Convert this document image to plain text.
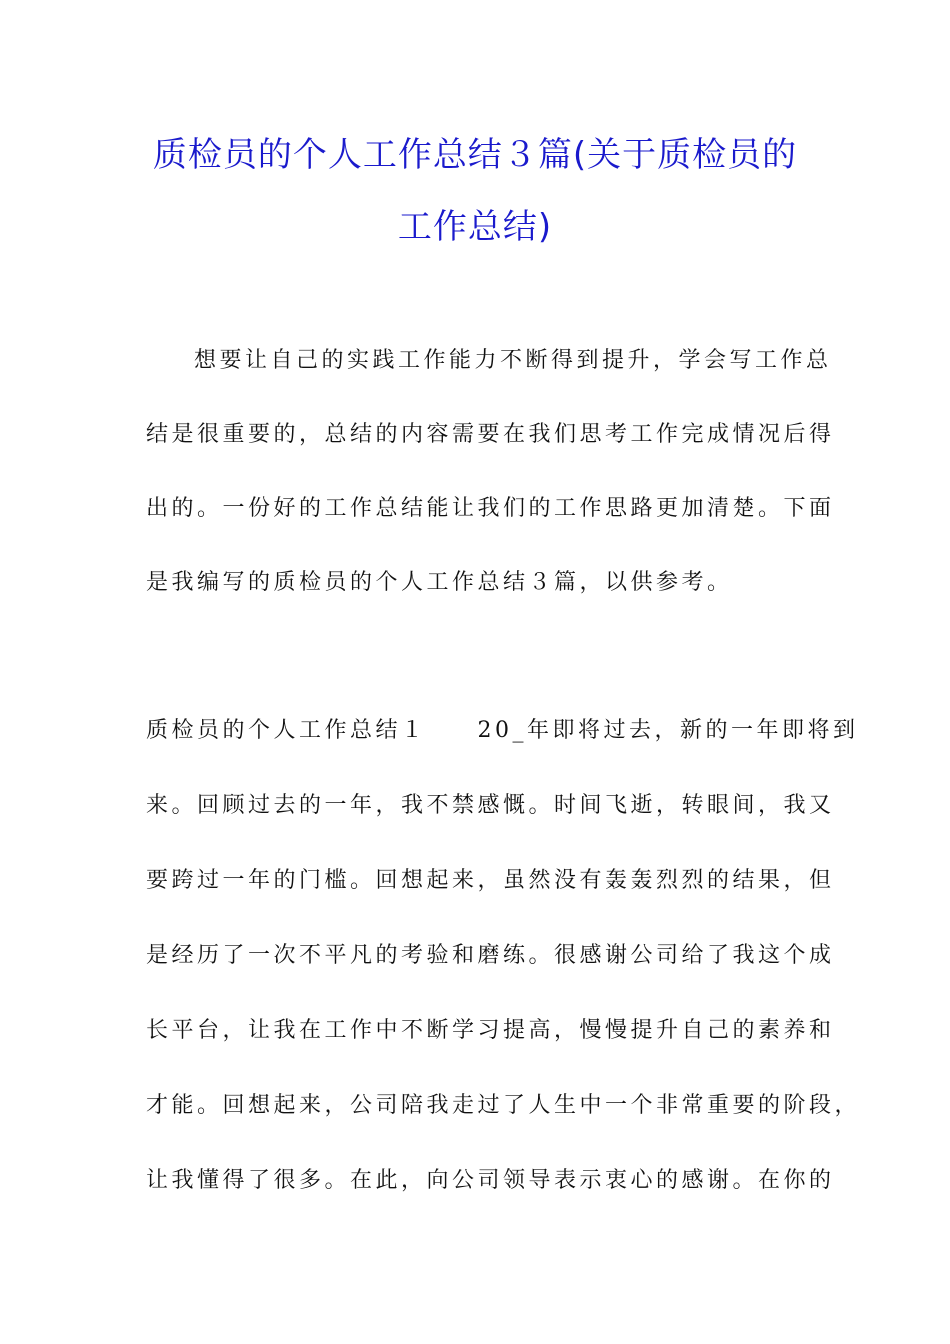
质检员的个人工作总结３篇(关于质检员的
工作总结)
想要让自己的实践工作能力不断得到提升，学会写工作总
结是很重要的，总结的内容需要在我们思考工作完成情况后得
出的。一份好的工作总结能让我们的工作思路更加清楚。下面
是我编写的质检员的个人工作总结３篇，以供参考。
质检员的个人工作总结１　　20_年即将过去，新的一年即将到
来。回顾过去的一年，我不禁感慨。时间飞逝，转眼间，我又
要跨过一年的门槛。回想起来，虽然没有轰轰烈烈的结果，但
是经历了一次不平凡的考验和磨练。很感谢公司给了我这个成
长平台，让我在工作中不断学习提高，慢慢提升自己的素养和
才能。回想起来，公司陪我走过了人生中一个非常重要的阶段，
让我懂得了很多。在此，向公司领导表示衷心的感谢。在你的
